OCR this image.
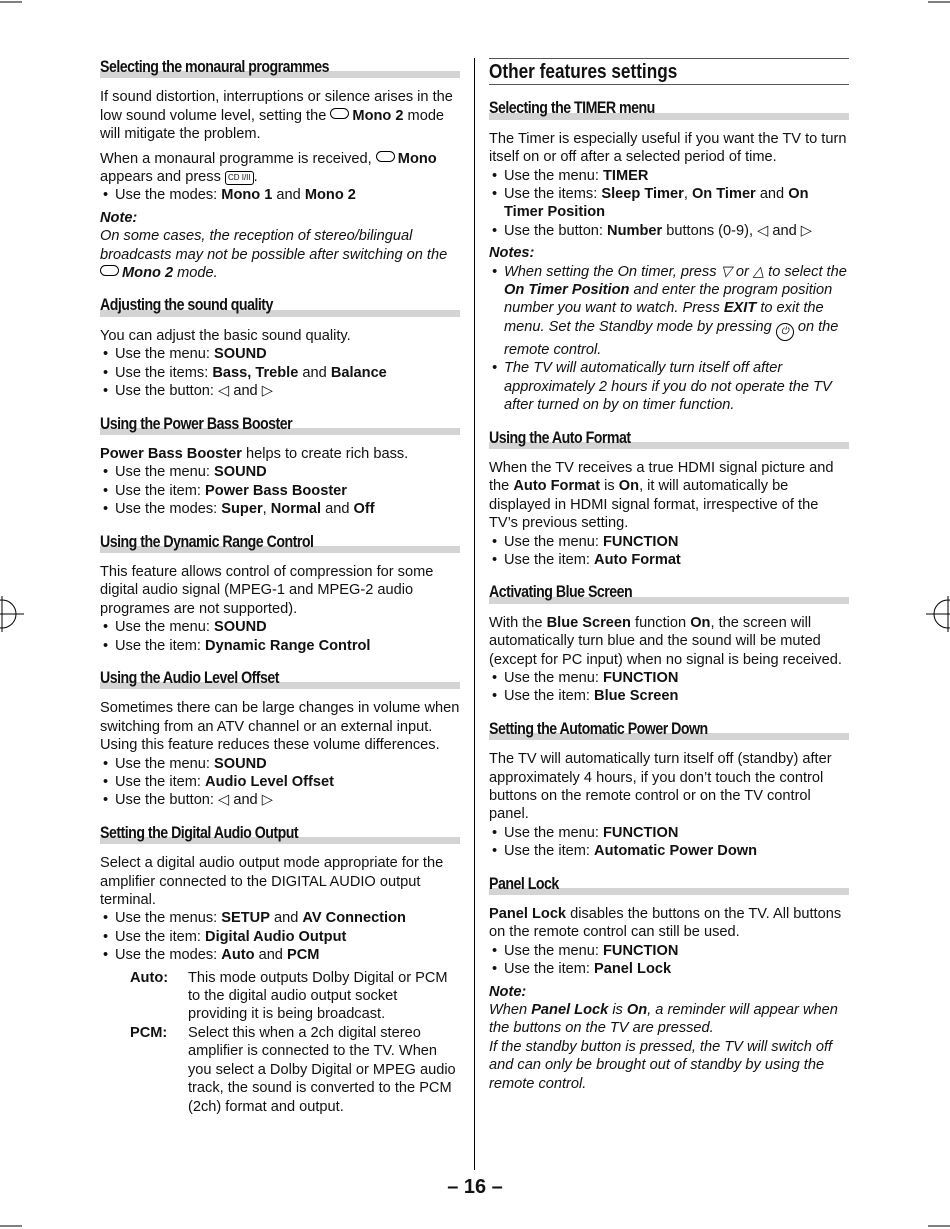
Selecting the monaural programmes

If sound distortion, interruptions or silence arises in the low sound volume level, setting the Mono 2 mode will mitigate the problem.

When a monaural programme is received, Mono appears and press CD I/II .

• Use the modes: Mono 1 and Mono 2
Note:
On some cases, the reception of stereo/bilingual broadcasts may not be possible after switching on the Mono 2 mode.
Adjusting the sound quality

You can adjust the basic sound quality.

• Use the menu: SOUND
• Use the items: Bass, Treble and Balance
• Use the button: ◁ and ▷
Using the Power Bass Booster

Power Bass Booster helps to create rich bass.

• Use the menu: SOUND
• Use the item: Power Bass Booster
• Use the modes: Super, Normal and Off
Using the Dynamic Range Control

This feature allows control of compression for some digital audio signal (MPEG-1 and MPEG-2 audio programes are not supported).

• Use the menu: SOUND
• Use the item: Dynamic Range Control
Using the Audio Level Offset

Sometimes there can be large changes in volume when switching from an ATV channel or an external input. Using this feature reduces these volume differences.

• Use the menu: SOUND
• Use the item: Audio Level Offset
• Use the button: ◁ and ▷
Setting the Digital Audio Output

Select a digital audio output mode appropriate for the amplifier connected to the DIGITAL AUDIO output terminal.

• Use the menus: SETUP and AV Connection
• Use the item: Digital Audio Output
• Use the modes: Auto and PCM
Auto:	This mode outputs Dolby Digital or PCM to the digital audio output socket providing it is being broadcast.
PCM:	Select this when a 2ch digital stereo amplifier is connected to the TV. When you select a Dolby Digital or MPEG audio track, the sound is converted to the PCM (2ch) format and output.
Other features settings
Selecting the TIMER menu

The Timer is especially useful if you want the TV to turn itself on or off after a selected period of time.

• Use the menu: TIMER
• Use the items: Sleep Timer, On Timer and On Timer Position
• Use the button: Number buttons (0-9), ◁ and ▷
Notes:
• When setting the On timer, press ▽ or △ to select the On Timer Position and enter the program position number you want to watch. Press EXIT to exit the menu. Set the Standby mode by pressing ⏻ on the remote control.
• The TV will automatically turn itself off after approximately 2 hours if you do not operate the TV after turned on by on timer function.
Using the Auto Format

When the TV receives a true HDMI signal picture and the Auto Format is On, it will automatically be displayed in HDMI signal format, irrespective of the TV’s previous setting.

• Use the menu: FUNCTION
• Use the item: Auto Format
Activating Blue Screen

With the Blue Screen function On, the screen will automatically turn blue and the sound will be muted (except for PC input) when no signal is being received.

• Use the menu: FUNCTION
• Use the item: Blue Screen
Setting the Automatic Power Down

The TV will automatically turn itself off (standby) after approximately 4 hours, if you don’t touch the control buttons on the remote control or on the TV control panel.

• Use the menu: FUNCTION
• Use the item: Automatic Power Down
Panel Lock

Panel Lock disables the buttons on the TV. All buttons on the remote control can still be used.

• Use the menu: FUNCTION
• Use the item: Panel Lock
Note:
When Panel Lock is On, a reminder will appear when the buttons on the TV are pressed.
If the standby button is pressed, the TV will switch off and can only be brought out of standby by using the remote control.
– 16 –
